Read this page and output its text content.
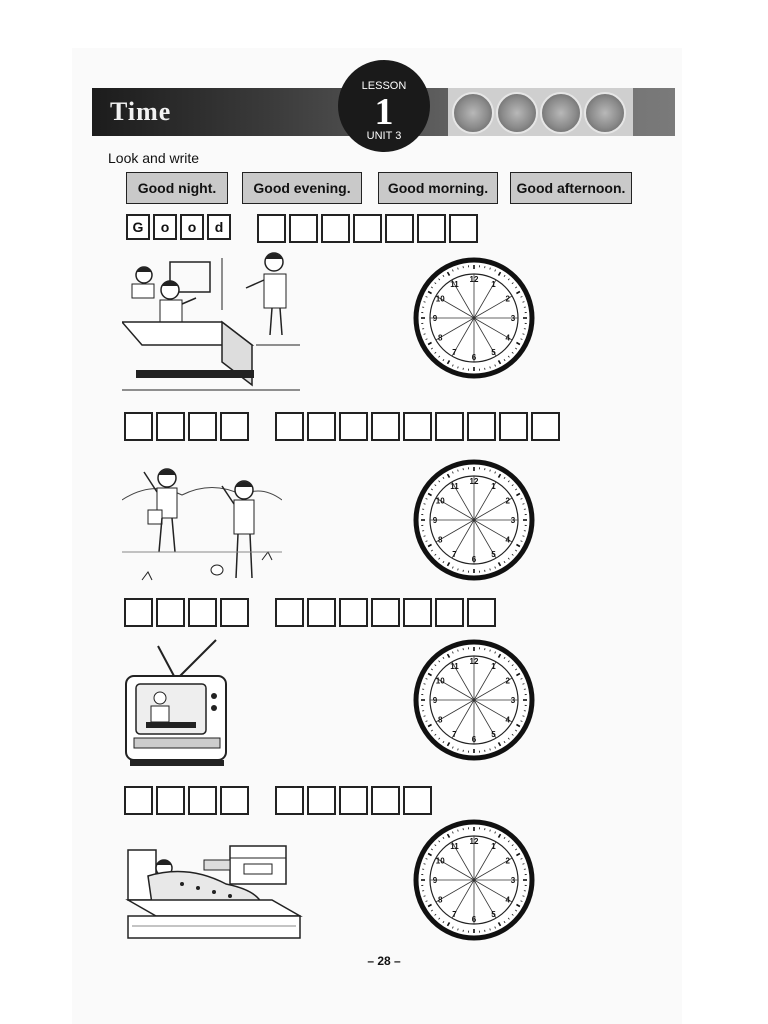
Time
LESSON
1
UNIT 3
Look and write
Good night.	Good evening.	Good morning.	Good afternoon.
G	o	o	d
12
1
2
3
4
5
6
7
8
9
10
11
12
1
2
3
4
5
6
7
8
9
10
11
12
1
2
3
4
5
6
7
8
9
10
11
12
1
2
3
4
5
6
7
8
9
10
11
– 28 –
